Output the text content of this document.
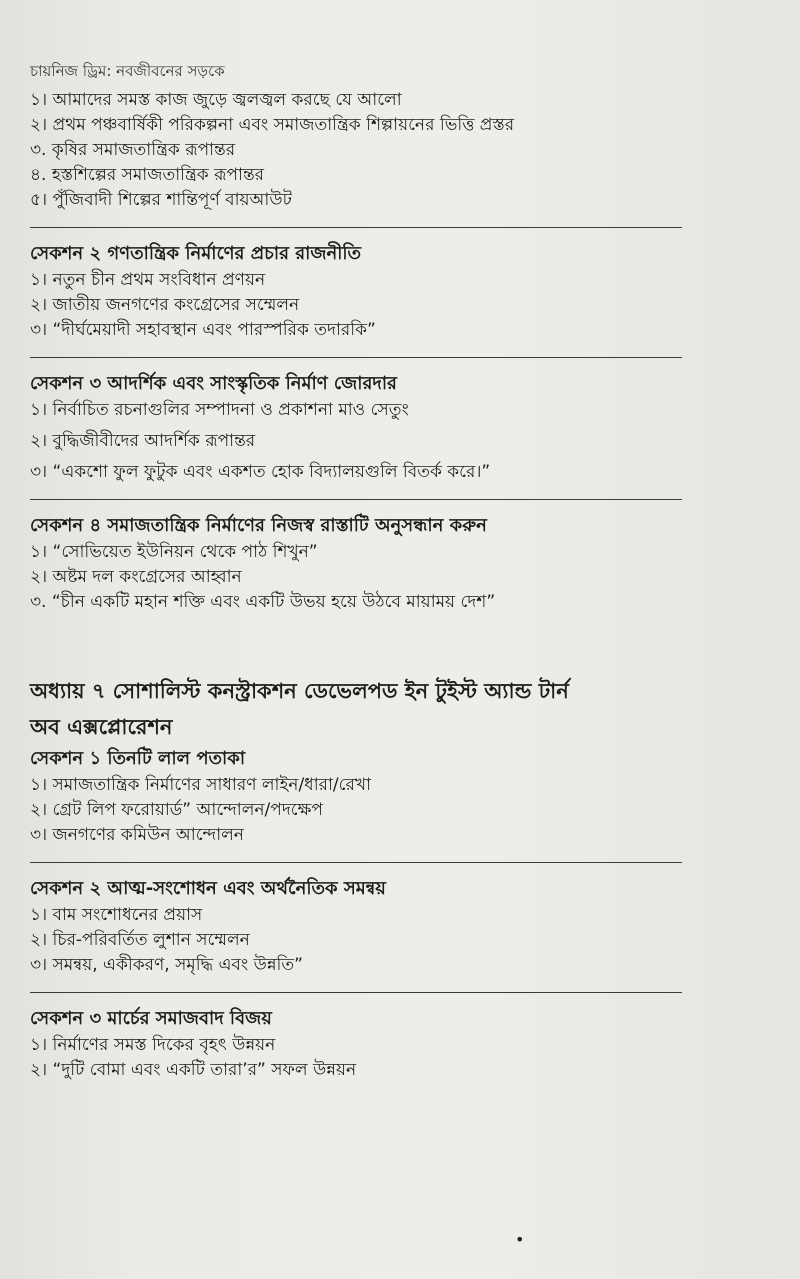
চায়নিজ ড্রিম: নবজীবনের সড়কে
১। আমাদের সমস্ত কাজ জুড়ে জ্বলজ্বল করছে যে আলো
২। প্রথম পঞ্চবার্ষিকী পরিকল্পনা এবং সমাজতান্ত্রিক শিল্পায়নের ভিত্তি প্রস্তর
৩. কৃষির সমাজতান্ত্রিক রূপান্তর
৪. হস্তশিল্পের সমাজতান্ত্রিক রূপান্তর
৫। পুঁজিবাদী শিল্পের শান্তিপূর্ণ বায়আউট
সেকশন ২ গণতান্ত্রিক নির্মাণের প্রচার রাজনীতি
১। নতুন চীন প্রথম সংবিধান প্রণয়ন
২। জাতীয় জনগণের কংগ্রেসের সম্মেলন
৩। “দীর্ঘমেয়াদী সহাবস্থান এবং পারস্পরিক তদারকি”
সেকশন ৩ আদর্শিক এবং সাংস্কৃতিক নির্মাণ জোরদার
১। নির্বাচিত রচনাগুলির সম্পাদনা ও প্রকাশনা মাও সেতুং
২। বুদ্ধিজীবীদের আদর্শিক রূপান্তর
৩। “একশো ফুল ফুটুক এবং একশত হোক বিদ্যালয়গুলি বিতর্ক করে।”
সেকশন ৪ সমাজতান্ত্রিক নির্মাণের নিজস্ব রাস্তাটি অনুসন্ধান করুন
১। “সোভিয়েত ইউনিয়ন থেকে পাঠ শিখুন”
২। অষ্টম দল কংগ্রেসের আহ্বান
৩. “চীন একটি মহান শক্তি এবং একটি উভয় হয়ে উঠবে মায়াময় দেশ”
অধ্যায় ৭ সোশালিস্ট কনস্ট্রাকশন ডেভেলপড ইন টুইস্ট অ্যান্ড টার্ন
অব এক্সপ্লোরেশন
সেকশন ১ তিনটি লাল পতাকা
১। সমাজতান্ত্রিক নির্মাণের সাধারণ লাইন/ধারা/রেখা
২। গ্রেট লিপ ফরোয়ার্ড” আন্দোলন/পদক্ষেপ
৩। জনগণের কমিউন আন্দোলন
সেকশন ২ আত্ম-সংশোধন এবং অর্থনৈতিক সমন্বয়
১। বাম সংশোধনের প্রয়াস
২। চির-পরিবর্তিত লুশান সম্মেলন
৩। সমন্বয়, একীকরণ, সমৃদ্ধি এবং উন্নতি”
সেকশন ৩ মার্চের সমাজবাদ বিজয়
১। নির্মাণের সমস্ত দিকের বৃহৎ উন্নয়ন
২। “দুটি বোমা এবং একটি তারা’র” সফল উন্নয়ন
•
